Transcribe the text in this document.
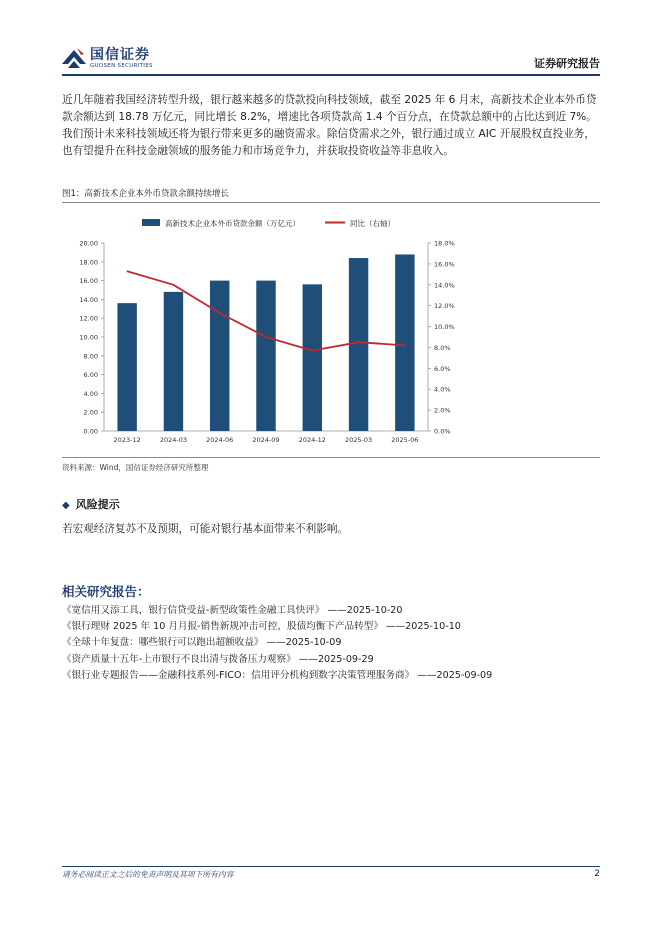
国信证券
GUOSEN SECURITIES	证券研究报告
近几年随着我国经济转型升级，银行越来越多的贷款投向科技领域，截至 2025 年 6 月末，高新技术企业本外币贷款余额达到 18.78 万亿元，同比增长 8.2%，增速比各项贷款高 1.4 个百分点，在贷款总额中的占比达到近 7%。我们预计未来科技领域还将为银行带来更多的融资需求。除信贷需求之外，银行通过成立 AIC 开展股权直投业务，也有望提升在科技金融领域的服务能力和市场竞争力，并获取投资收益等非息收入。
图1：高新技术企业本外币贷款余额持续增长
高新技术企业本外币贷款余额（万亿元）	同比（右轴）
0.00
2.00
4.00
6.00
8.00
10.00
12.00
14.00
16.00
18.00
20.00
0.0%
2.0%
4.0%
6.0%
8.0%
10.0%
12.0%
14.0%
16.0%
18.0%
2023-12	2024-03	2024-06	2024-09	2024-12	2025-03	2025-06
资料来源：Wind，国信证券经济研究所整理
◆ 风险提示
若宏观经济复苏不及预期，可能对银行基本面带来不利影响。
相关研究报告：
《宽信用又添工具，银行信贷受益-新型政策性金融工具快评》 ——2025-10-20
《银行理财 2025 年 10 月月报-销售新规冲击可控，股债均衡下产品转型》 ——2025-10-10
《全球十年复盘：哪些银行可以跑出超额收益》 ——2025-10-09
《资产质量十五年-上市银行不良出清与拨备压力观察》 ——2025-09-29
《银行业专题报告——金融科技系列-FICO：信用评分机构到数字决策管理服务商》 ——2025-09-09
请务必阅读正文之后的免责声明及其项下所有内容	2
